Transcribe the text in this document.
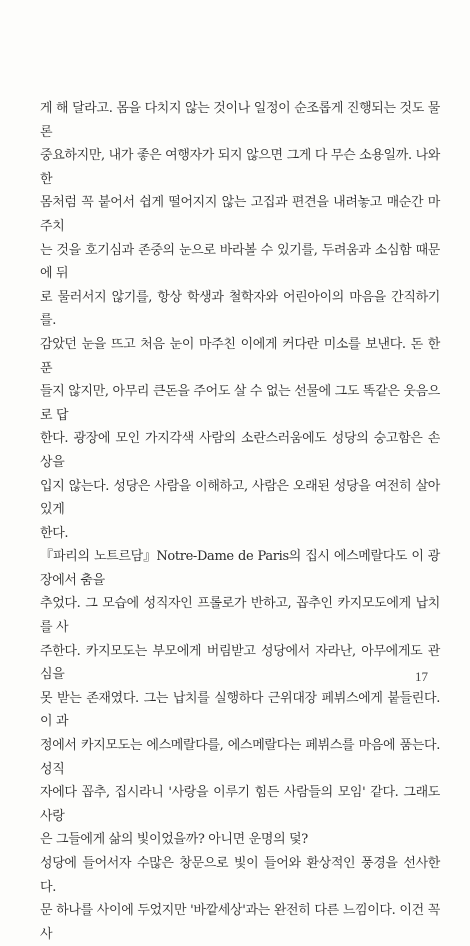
게 해 달라고. 몸을 다치지 않는 것이나 일정이 순조롭게 진행되는 것도 물론
중요하지만, 내가 좋은 여행자가 되지 않으면 그게 다 무슨 소용일까. 나와 한
몸처럼 꼭 붙어서 쉽게 떨어지지 않는 고집과 편견을 내려놓고 매순간 마주치
는 것을 호기심과 존중의 눈으로 바라볼 수 있기를, 두려움과 소심함 때문에 뒤
로 물러서지 않기를, 항상 학생과 철학자와 어린아이의 마음을 간직하기를.

감았던 눈을 뜨고 처음 눈이 마주친 이에게 커다란 미소를 보낸다. 돈 한 푼
들지 않지만, 아무리 큰돈을 주어도 살 수 없는 선물에 그도 똑같은 웃음으로 답
한다. 광장에 모인 가지각색 사람의 소란스러움에도 성당의 숭고함은 손상을
입지 않는다. 성당은 사람을 이해하고, 사람은 오래된 성당을 여전히 살아 있게
한다.

『파리의 노트르담』Notre-Dame de Paris의 집시 에스메랄다도 이 광장에서 춤을
추었다. 그 모습에 성직자인 프롤로가 반하고, 꼽추인 카지모도에게 납치를 사
주한다. 카지모도는 부모에게 버림받고 성당에서 자라난, 아무에게도 관심을
못 받는 존재였다. 그는 납치를 실행하다 근위대장 페뷔스에게 붙들린다. 이 과
정에서 카지모도는 에스메랄다를, 에스메랄다는 페뷔스를 마음에 품는다. 성직
자에다 꼽추, 집시라니 '사랑을 이루기 힘든 사람들의 모임' 같다. 그래도 사랑
은 그들에게 삶의 빛이었을까? 아니면 운명의 덫?

성당에 들어서자 수많은 창문으로 빛이 들어와 환상적인 풍경을 선사한다.
문 하나를 사이에 두었지만 '바깥세상'과는 완전히 다른 느낌이다. 이건 꼭 사

17
